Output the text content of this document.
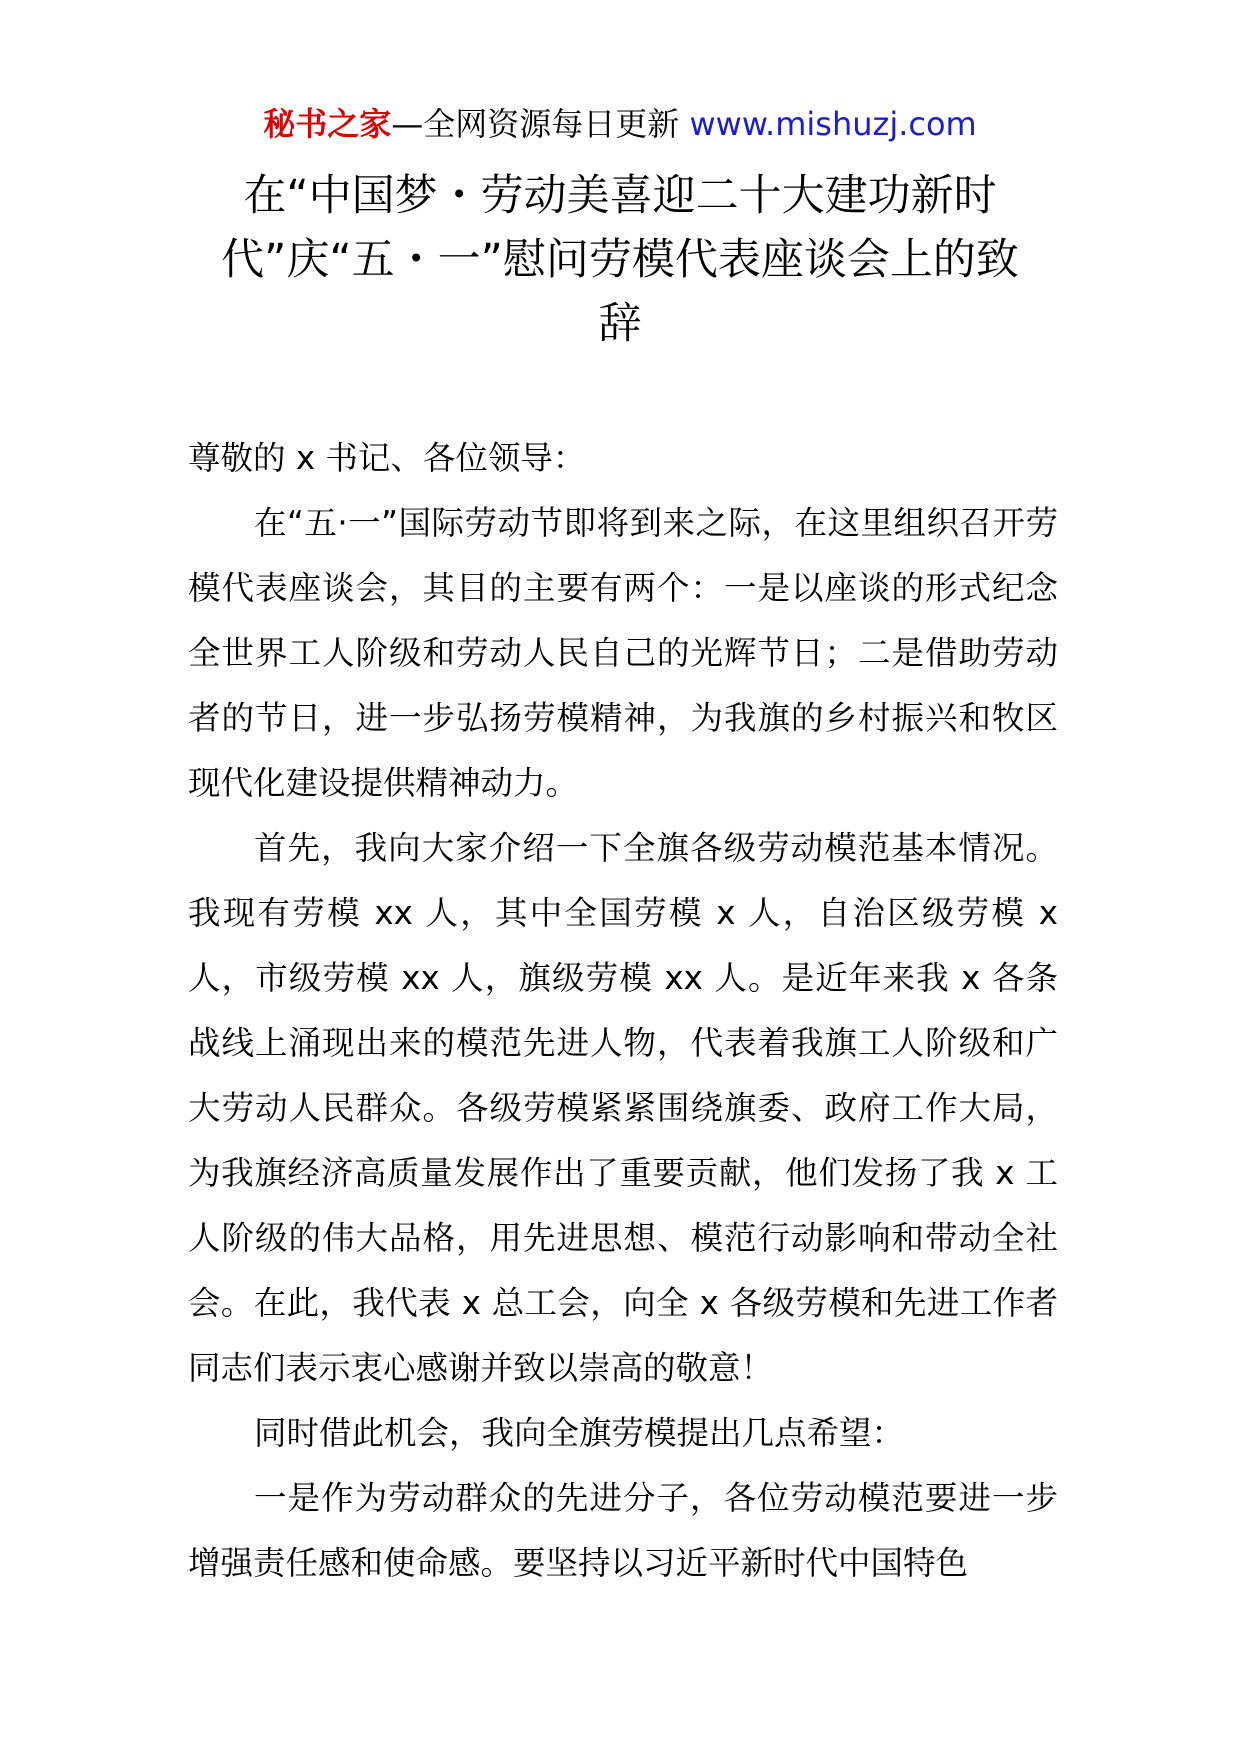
秘书之家—全网资源每日更新 www.mishuzj.com
在“中国梦・劳动美喜迎二十大建功新时代”庆“五・一”慰问劳模代表座谈会上的致辞

尊敬的 x 书记、各位领导：

在“五·一”国际劳动节即将到来之际，在这里组织召开劳模代表座谈会，其目的主要有两个：一是以座谈的形式纪念全世界工人阶级和劳动人民自己的光辉节日；二是借助劳动者的节日，进一步弘扬劳模精神，为我旗的乡村振兴和牧区现代化建设提供精神动力。

首先，我向大家介绍一下全旗各级劳动模范基本情况。我现有劳模 xx 人，其中全国劳模 x 人，自治区级劳模 x 人，市级劳模 xx 人，旗级劳模 xx 人。是近年来我 x 各条战线上涌现出来的模范先进人物，代表着我旗工人阶级和广大劳动人民群众。各级劳模紧紧围绕旗委、政府工作大局，为我旗经济高质量发展作出了重要贡献，他们发扬了我 x 工人阶级的伟大品格，用先进思想、模范行动影响和带动全社会。在此，我代表 x 总工会，向全 x 各级劳模和先进工作者同志们表示衷心感谢并致以崇高的敬意！

同时借此机会，我向全旗劳模提出几点希望：

一是作为劳动群众的先进分子，各位劳动模范要进一步增强责任感和使命感。要坚持以习近平新时代中国特色
